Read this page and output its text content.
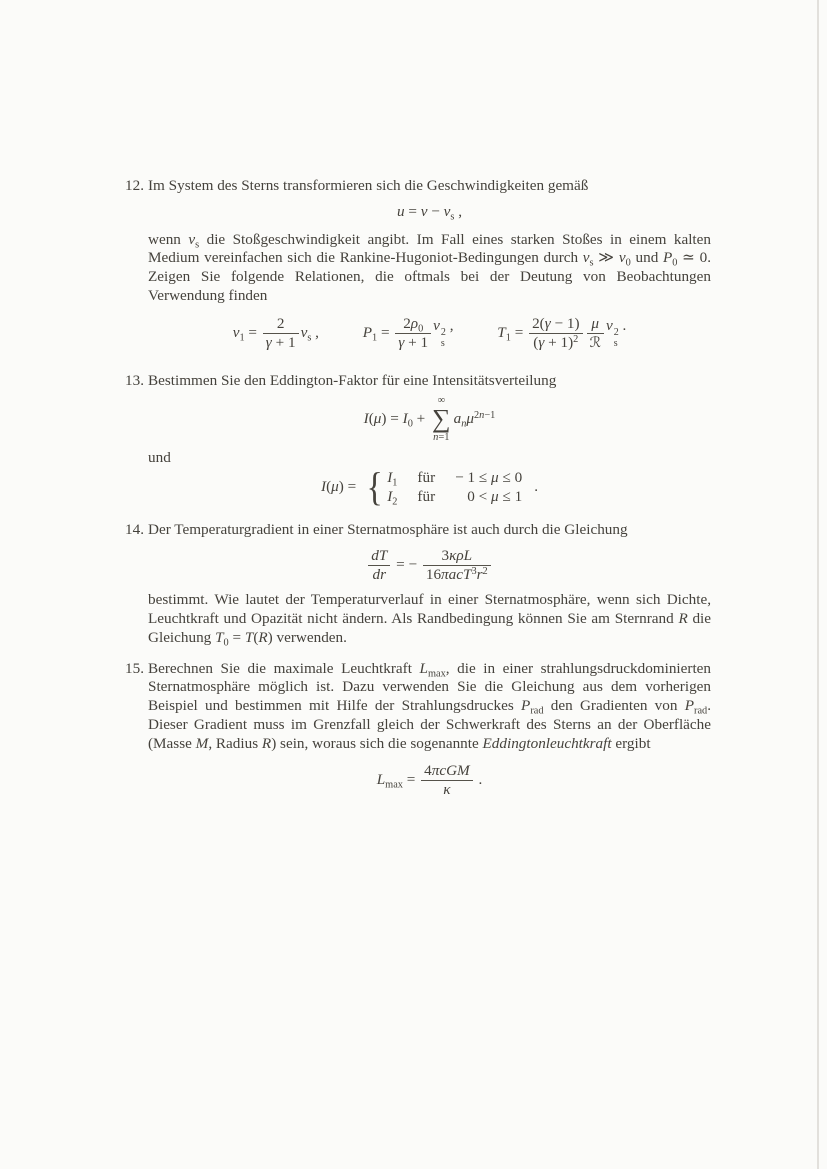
12. Im System des Sterns transformieren sich die Geschwindigkeiten gemäß

$u = v - v_s$ ,

wenn $v_s$ die Stoßgeschwindigkeit angibt. Im Fall eines starken Stoßes in einem kalten Medium vereinfachen sich die Rankine-Hugoniot-Bedingungen durch $v_s$ ≫ $v_0$ und $P_0$ ≃ 0. Zeigen Sie folgende Relationen, die oftmals bei der Deutung von Beobachtungen Verwendung finden

$v_1 = \frac{2}{\gamma + 1} v_s$ ,
	$P_1 = \frac{2\rho_0}{\gamma + 1}$ v 2
s
,
	$T_1 = \frac{2(\gamma - 1)}{(\gamma + 1)^2} \frac{\mu}{\text{ℛ}}$ v 2
s
.
13. Bestimmen Sie den Eddington-Faktor für eine Intensitätsverteilung

$I(\mu) = I_0$ +
∞
∑
n=1
$a_n\mu^{2n-1}$

und

I(μ) = { $I_1$ für − 1 ≤ μ ≤ 0
$I_2$ für	0 < μ ≤ 1
.
14. Der Temperaturgradient in einer Sternatmosphäre ist auch durch die Gleichung

$\frac{dT}{dr}$ = − $\frac{\text{3κρL}}{16\pi acT^3r^2}$

bestimmt. Wie lautet der Temperaturverlauf in einer Sternatmosphäre, wenn sich Dichte, Leuchtkraft und Opazität nicht ändern. Als Randbedingung können Sie am Sternrand R die Gleichung $T_0 = T(R)$ verwenden.

15. Berechnen Sie die maximale Leuchtkraft $L_{max}$, die in einer strahlungsdruckdominierten Sternatmosphäre möglich ist. Dazu verwenden Sie die Gleichung aus dem vorherigen Beispiel und bestimmen mit Hilfe der Strahlungsdruckes $P_{rad}$ den Gradienten von $P_{rad}$. Dieser Gradient muss im Grenzfall gleich der Schwerkraft des Sterns an der Oberfläche (Masse M, Radius R) sein, woraus sich die sogenannte Eddingtonleuchtkraft ergibt

$L_{max} = \frac{\text{4πcGM}}{\kappa}$ .
